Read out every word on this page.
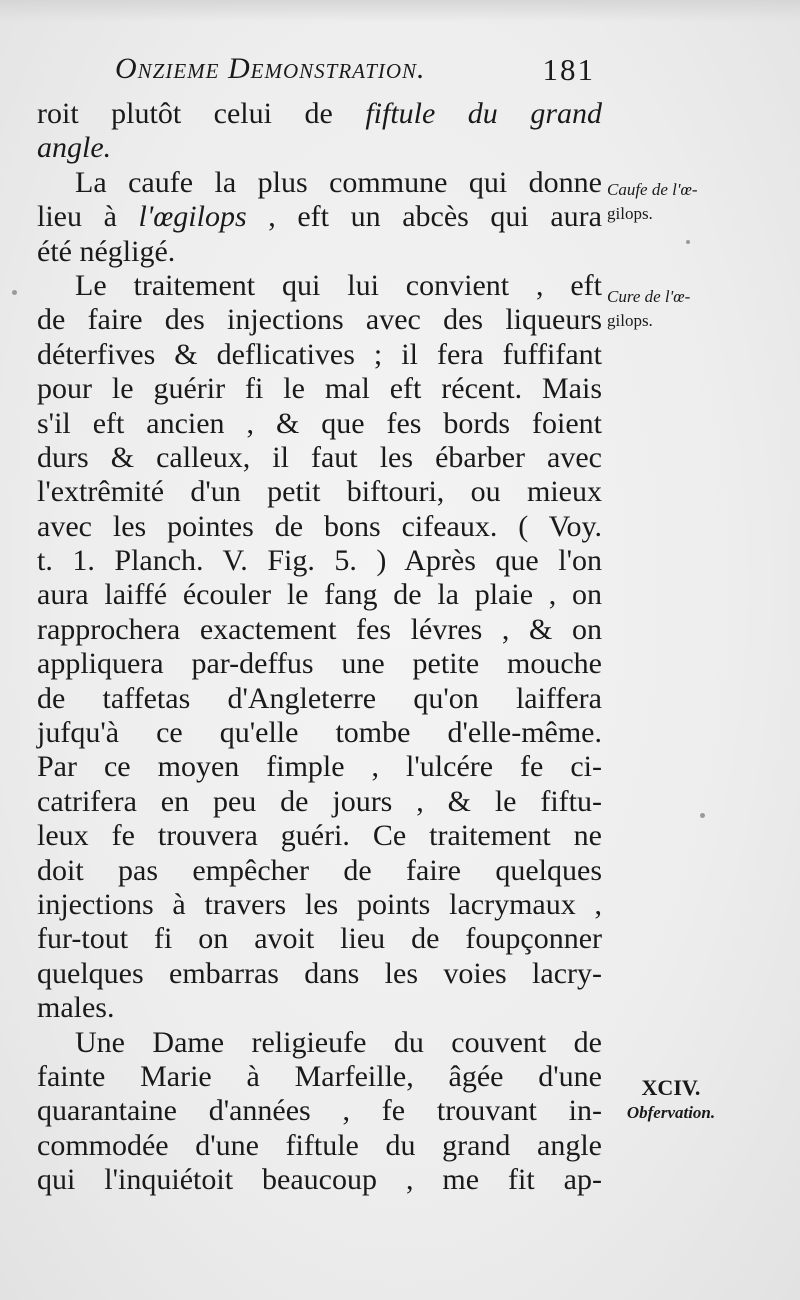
Onzieme Demonstration.	181
roit plutôt celui de fiftule du grand
angle.
La caufe la plus commune qui donne
lieu à l'œgilops , eft un abcès qui aura
été négligé.
Le traitement qui lui convient , eft
de faire des injections avec des liqueurs
déterfives & deflicatives ; il fera fuffifant
pour le guérir fi le mal eft récent. Mais
s'il eft ancien , & que fes bords foient
durs & calleux, il faut les ébarber avec
l'extrêmité d'un petit biftouri, ou mieux
avec les pointes de bons cifeaux. ( Voy.
t. 1. Planch. V. Fig. 5. ) Après que l'on
aura laiffé écouler le fang de la plaie , on
rapprochera exactement fes lévres , & on
appliquera par-deffus une petite mouche
de taffetas d'Angleterre qu'on laiffera
jufqu'à ce qu'elle tombe d'elle-même.
Par ce moyen fimple , l'ulcére fe ci-
catrifera en peu de jours , & le fiftu-
leux fe trouvera guéri. Ce traitement ne
doit pas empêcher de faire quelques
injections à travers les points lacrymaux ,
fur-tout fi on avoit lieu de foupçonner
quelques embarras dans les voies lacry-
males.
Une Dame religieufe du couvent de
fainte Marie à Marfeille, âgée d'une
quarantaine d'années , fe trouvant in-
commodée d'une fiftule du grand angle
qui l'inquiétoit beaucoup , me fit ap-
Caufe de l'œ-
gilops.
Cure de l'œ-
gilops.
XCIV.
Obfervation.
